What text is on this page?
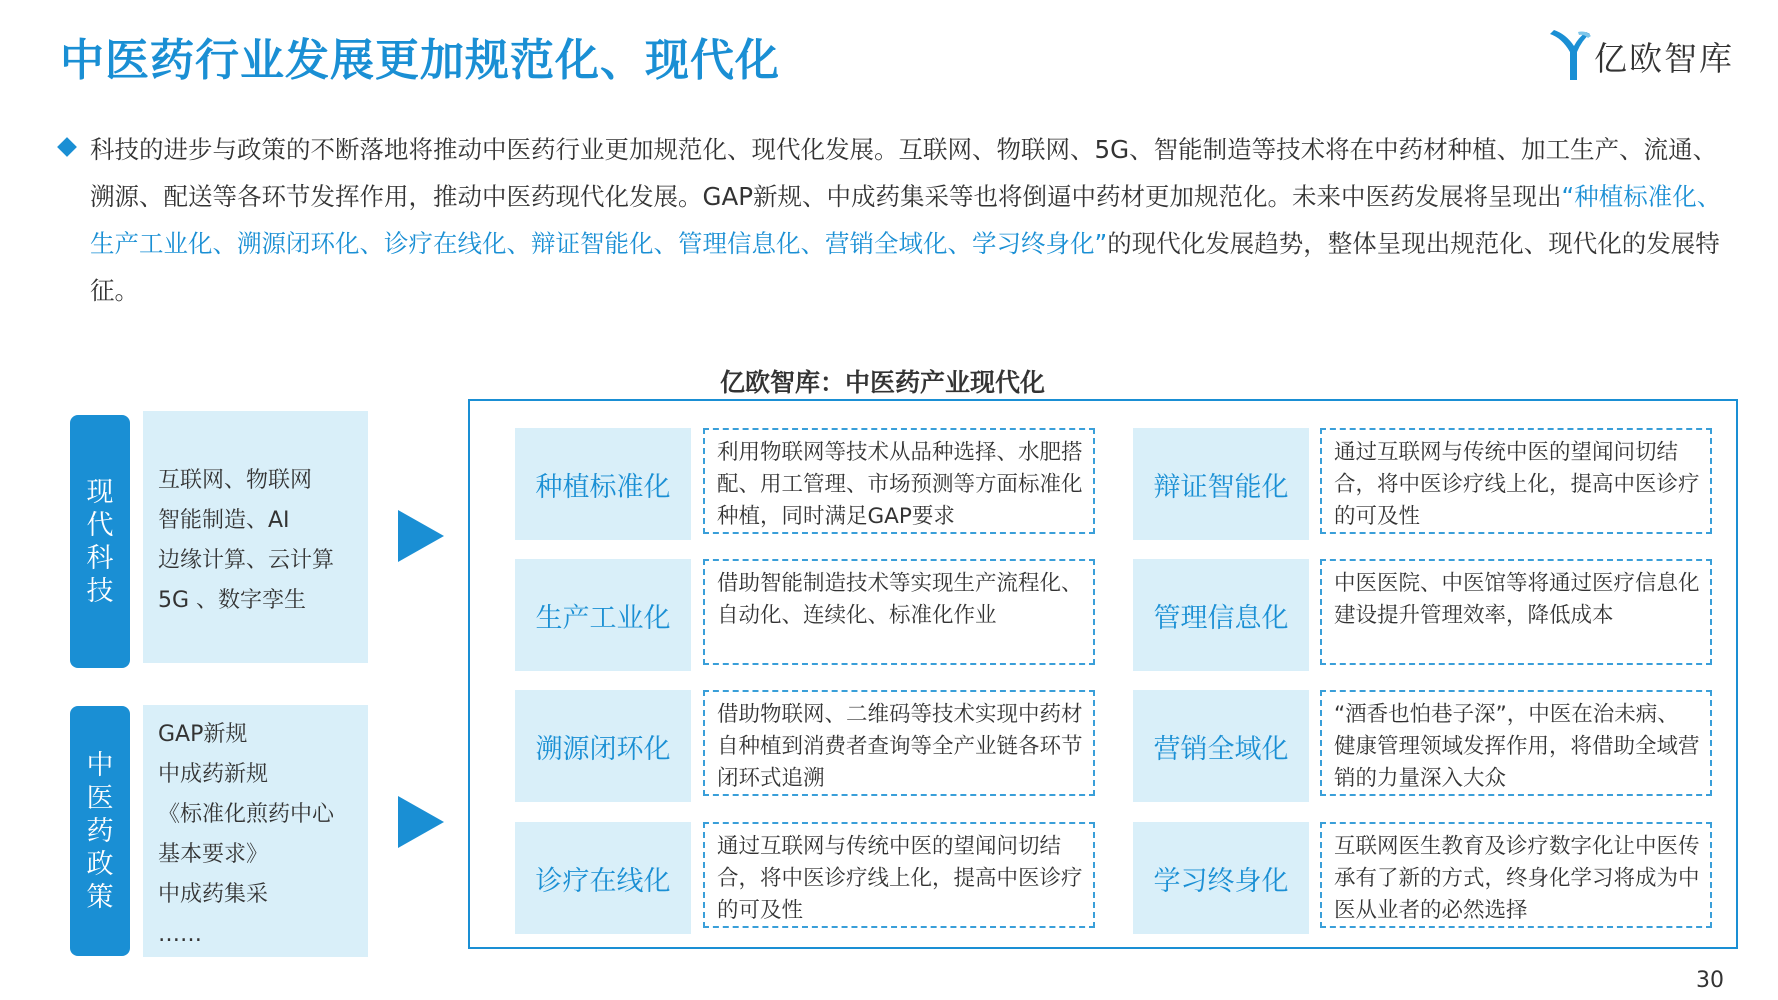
中医药行业发展更加规范化、现代化	亿欧智库
科技的进步与政策的不断落地将推动中医药行业更加规范化、现代化发展。互联网、物联网、5G、智能制造等技术将在中药材种植、加工生产、流通、溯源、配送等各环节发挥作用，推动中医药现代化发展。GAP新规、中成药集采等也将倒逼中药材更加规范化。未来中医药发展将呈现出“种植标准化、生产工业化、溯源闭环化、诊疗在线化、辩证智能化、管理信息化、营销全域化、学习终身化”的现代化发展趋势，整体呈现出规范化、现代化的发展特征。
亿欧智库：中医药产业现代化
现
代
科
技
互联网、物联网
智能制造、AI
边缘计算、云计算
5G 、数字孪生
中
医
药
政
策
GAP新规
中成药新规
《标准化煎药中心
基本要求》
中成药集采
……
种植标准化
利用物联网等技术从品种选择、水肥搭配、用工管理、市场预测等方面标准化种植，同时满足GAP要求
生产工业化
借助智能制造技术等实现生产流程化、自动化、连续化、标准化作业
溯源闭环化
借助物联网、二维码等技术实现中药材自种植到消费者查询等全产业链各环节闭环式追溯
诊疗在线化
通过互联网与传统中医的望闻问切结合，将中医诊疗线上化，提高中医诊疗的可及性
辩证智能化
通过互联网与传统中医的望闻问切结合，将中医诊疗线上化，提高中医诊疗的可及性
管理信息化
中医医院、中医馆等将通过医疗信息化建设提升管理效率，降低成本
营销全域化
“酒香也怕巷子深”，中医在治未病、健康管理领域发挥作用，将借助全域营销的力量深入大众
学习终身化
互联网医生教育及诊疗数字化让中医传承有了新的方式，终身化学习将成为中医从业者的必然选择
30
